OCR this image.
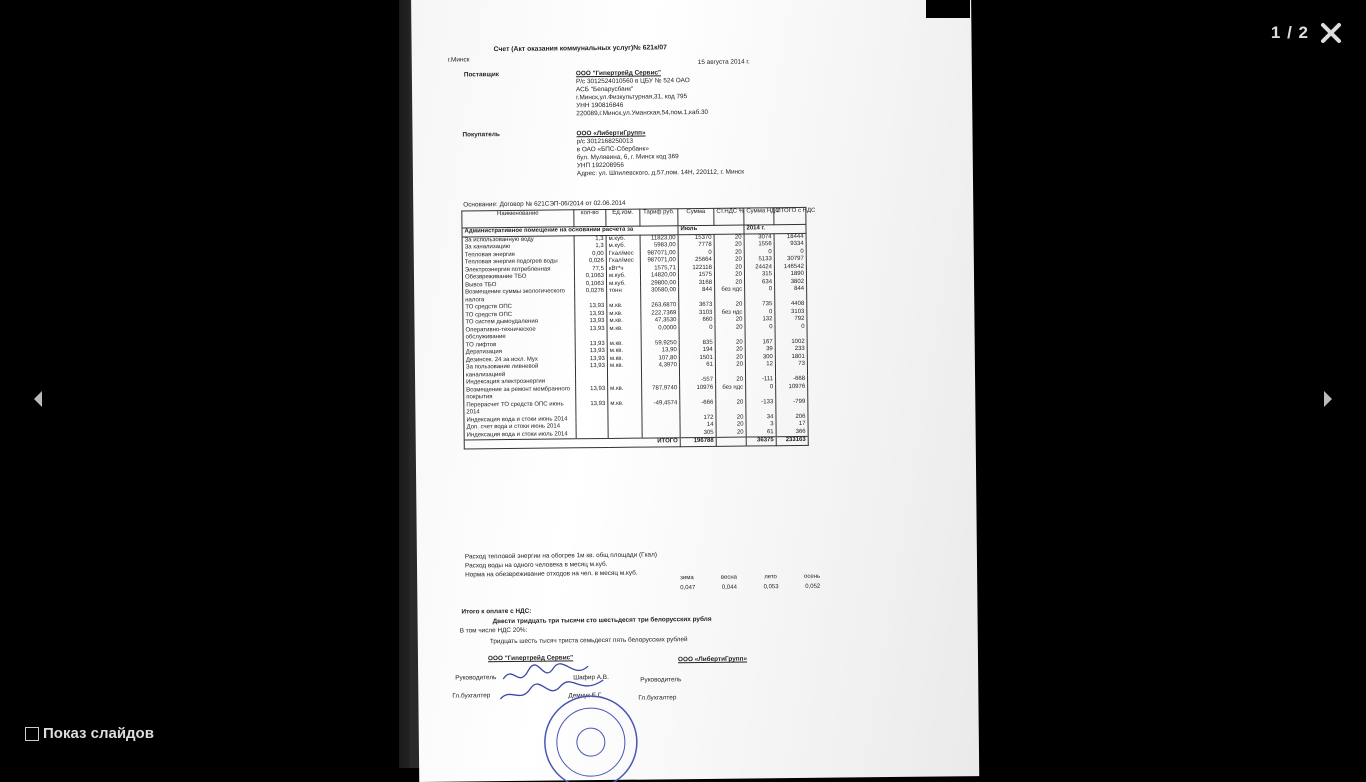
Счет (Акт оказания коммунальных услуг)№ 621к/07
г.Минск	15 августа 2014 г.
Поставщик	ООО "Гипертрейд Сервис"
Р/с 3012524010560 в ЦБУ № 524 ОАО
АСБ "Беларусбанк"
г.Минск,ул.Физкультурная,31, код 795
УНН 190816846
220089,г.Минск,ул.Уманская,54,пом.1,каб.30
Покупатель	ООО «ЛибертиГрупп»
р/с 3012168250013
в ОАО «БПС-Сбербанк»
бул. Мулявина, 6, г. Минск код 369
УНП 192208956
Адрес: ул. Шпилевского, д.57,пом. 14Н, 220112, г. Минск
Основание: Договор № 621СЭП-06/2014 от 02.06.2014
Наименование	кол-во	Ед.изм.	Тариф руб.	Сумма	Ст.НДС %	Сумма НДС	ИТОГО с НДС
Административное помещение на основании расчета за				Июль		2014 г.	
За использованную воду	1,3	м.куб.	11823,00	15370	20	3074	18444
За канализацию	1,3	м.куб.	5983,00	7778	20	1556	9334
Тепловая энергия	0,00	Гкал/мес	987071,00	0	20	0	0
Тепловая энергия подогрев воды	0,026	Гкал/мес	987071,00	25664	20	5133	30797
Электроэнергия потребленная	77,5	кВт*ч	1575,71	122118	20	24424	146542
Обезвреживание ТБО	0,1063	м.куб.	14820,00	1575	20	315	1890
Вывоз ТБО	0,1063	м.куб.	29800,00	3168	20	634	3802
Возмещение суммы экологического налога	0,0276	тонн	30580,00	844	без ндс	0	844
ТО средств ОПС	13,93	м.кв.	263,6870	3673	20	735	4408
ТО средств ОПС	13,93	м.кв.	222,7369	3103	без ндс	0	3103
ТО систем дымоудаления	13,93	м.кв.	47,3530	660	20	132	792
Оперативно-техническое обслуживание	13,93	м.кв.	0,0000	0	20	0	0
ТО лифтов	13,93	м.кв.	59,9250	835	20	167	1002
Дератизация	13,93	м.кв.	13,90	194	20	39	233
Дезинсек. 24 за искл. Мух	13,93	м.кв.	107,80	1501	20	300	1801
За пользование ливневой канализацией	13,93	м.кв.	4,3970	61	20	12	73
Индексация электроэнергии				-557	20	-111	-668
Возмещение за ремонт мембранного покрытия	13,93	м.кв.	787,9740	10976	без ндс	0	10976
Перерасчет ТО средств ОПС июнь 2014	13,93	м.кв.	-49,4574	-666	20	-133	-799
Индексация вода и стоки июнь 2014				172	20	34	206
Доп. счет вода и стоки июнь 2014				14	20	3	17
Индексация вода и стоки июль 2014				305	20	61	366
ИТОГО				196788		36375	233163
Расход тепловой энергии на обогрев 1м кв. общ площади (Гкал)
Расход воды на одного человека в месяц м.куб.
Норма на обезвреживание отходов на чел. в месяц м.куб.	зима	весна	лето	осень
0,047	0,044	0,053	0,052
Итого к оплате с НДС:
Двести тридцать три тысячи сто шестьдесят три белорусских рубля
В том числе НДС 20%:
Тридцать шесть тысяч триста семьдесят пять белорусских рублей
ООО "Гипертрейд Сервис"	ООО «ЛибертиГрупп»
Руководитель	Шафир А.В.	Руководитель
Гл.бухгалтер	Демчук Е.Г.	Гл.бухгалтер
1 / 2
Показ слайдов
